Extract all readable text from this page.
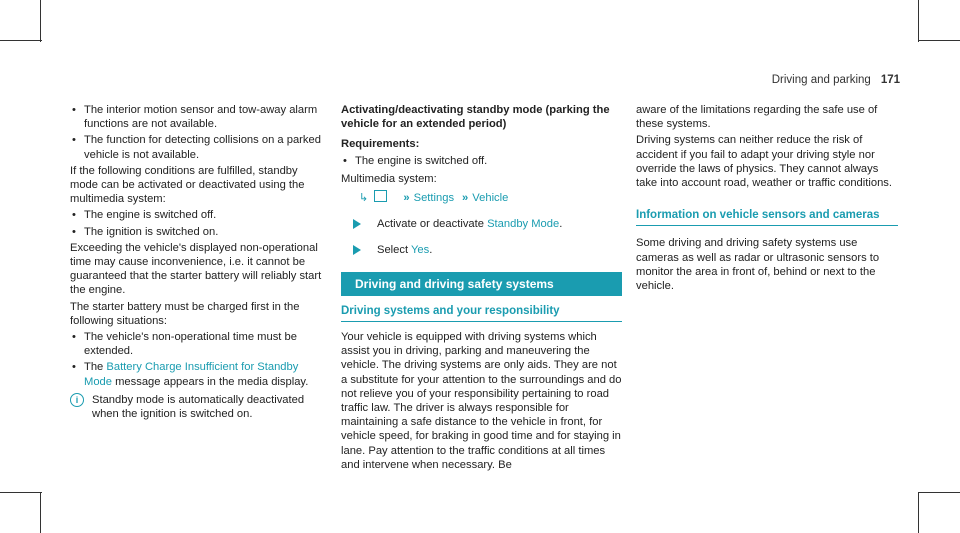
Driving and parking 171
• The interior motion sensor and tow-away alarm functions are not available.
• The function for detecting collisions on a parked vehicle is not available.

If the following conditions are fulfilled, standby mode can be activated or deactivated using the multimedia system:

• The engine is switched off.
• The ignition is switched on.

Exceeding the vehicle's displayed non-operational time may cause inconvenience, i.e. it cannot be guaranteed that the starter battery will reliably start the engine.

The starter battery must be charged first in the following situations:

• The vehicle's non-operational time must be extended.
• The Battery Charge Insufficient for Standby Mode message appears in the media display.
i	Standby mode is automatically deactivated when the ignition is switched on.

Activating/deactivating standby mode (parking the vehicle for an extended period)

Requirements:

• The engine is switched off.

Multimedia system:

↳	» Settings » Vehicle
Activate or deactivate Standby Mode.
Select Yes.
Driving and driving safety systems
Driving systems and your responsibility

Your vehicle is equipped with driving systems which assist you in driving, parking and maneuvering the vehicle. The driving systems are only aids. They are not a substitute for your attention to the surroundings and do not relieve you of your responsibility pertaining to road traffic law. The driver is always responsible for maintaining a safe distance to the vehicle in front, for vehicle speed, for braking in good time and for staying in lane. Pay attention to the traffic conditions at all times and intervene when necessary. Be

aware of the limitations regarding the safe use of these systems.

Driving systems can neither reduce the risk of accident if you fail to adapt your driving style nor override the laws of physics. They cannot always take into account road, weather or traffic conditions.

Information on vehicle sensors and cameras

Some driving and driving safety systems use cameras as well as radar or ultrasonic sensors to monitor the area in front of, behind or next to the vehicle.
